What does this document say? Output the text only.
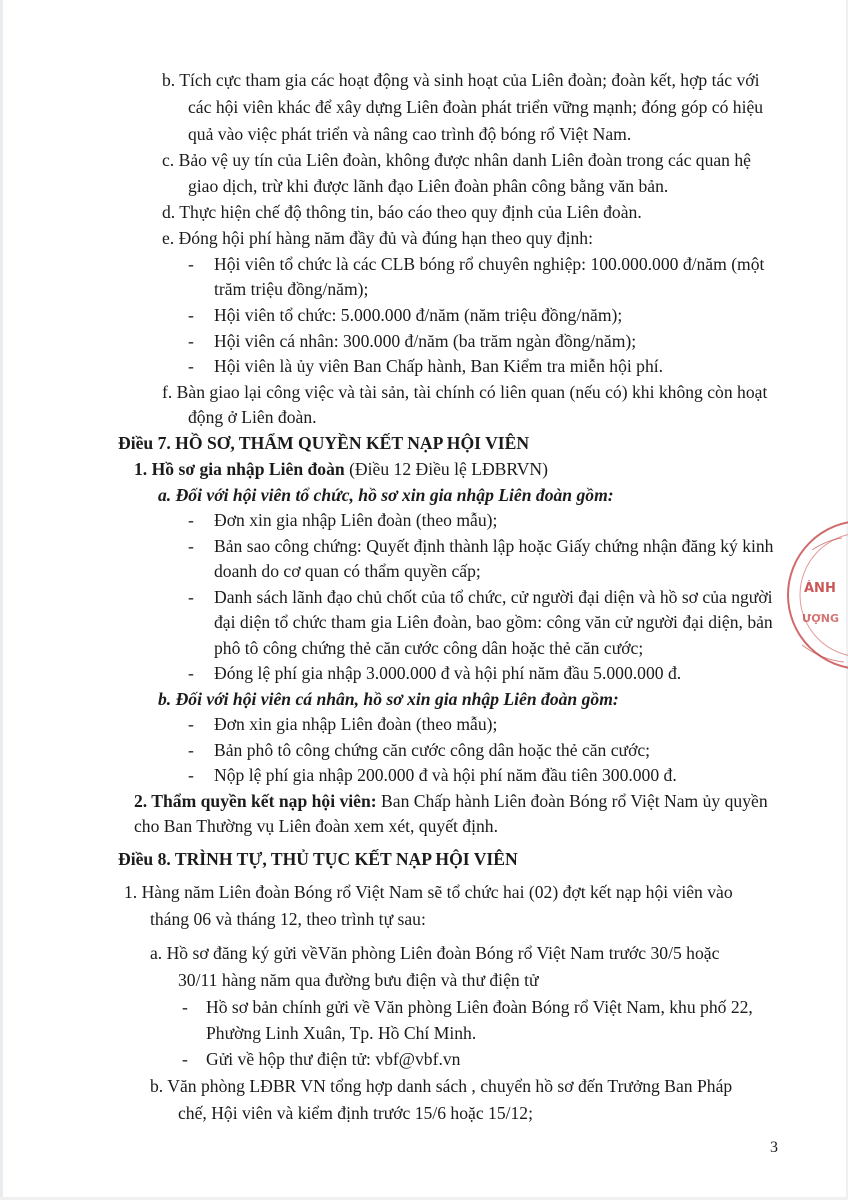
b. Tích cực tham gia các hoạt động và sinh hoạt của Liên đoàn; đoàn kết, hợp tác với
các hội viên khác để xây dựng Liên đoàn phát triển vững mạnh; đóng góp có hiệu
quả vào việc phát triển và nâng cao trình độ bóng rổ Việt Nam.
c. Bảo vệ uy tín của Liên đoàn, không được nhân danh Liên đoàn trong các quan hệ
giao dịch, trừ khi được lãnh đạo Liên đoàn phân công bằng văn bản.
d. Thực hiện chế độ thông tin, báo cáo theo quy định của Liên đoàn.
e. Đóng hội phí hàng năm đầy đủ và đúng hạn theo quy định:
- Hội viên tổ chức là các CLB bóng rổ chuyên nghiệp: 100.000.000 đ/năm (một
trăm triệu đồng/năm);
- Hội viên tổ chức: 5.000.000 đ/năm (năm triệu đồng/năm);
- Hội viên cá nhân: 300.000 đ/năm (ba trăm ngàn đồng/năm);
- Hội viên là ủy viên Ban Chấp hành, Ban Kiểm tra miễn hội phí.
f. Bàn giao lại công việc và tài sản, tài chính có liên quan (nếu có) khi không còn hoạt
động ở Liên đoàn.
Điều 7. HỒ SƠ, THẨM QUYỀN KẾT NẠP HỘI VIÊN
1. Hồ sơ gia nhập Liên đoàn (Điều 12 Điều lệ LĐBRVN)
a. Đối với hội viên tổ chức, hồ sơ xin gia nhập Liên đoàn gồm:
- Đơn xin gia nhập Liên đoàn (theo mẫu);
- Bản sao công chứng: Quyết định thành lập hoặc Giấy chứng nhận đăng ký kinh
doanh do cơ quan có thẩm quyền cấp;
- Danh sách lãnh đạo chủ chốt của tổ chức, cử người đại diện và hồ sơ của người
đại diện tổ chức tham gia Liên đoàn, bao gồm: công văn cử người đại diện, bản
phô tô công chứng thẻ căn cước công dân hoặc thẻ căn cước;
- Đóng lệ phí gia nhập 3.000.000 đ và hội phí năm đầu 5.000.000 đ.
b. Đối với hội viên cá nhân, hồ sơ xin gia nhập Liên đoàn gồm:
- Đơn xin gia nhập Liên đoàn (theo mẫu);
- Bản phô tô công chứng căn cước công dân hoặc thẻ căn cước;
- Nộp lệ phí gia nhập 200.000 đ và hội phí năm đầu tiên 300.000 đ.
2. Thẩm quyền kết nạp hội viên: Ban Chấp hành Liên đoàn Bóng rổ Việt Nam ủy quyền
cho Ban Thường vụ Liên đoàn xem xét, quyết định.
Điều 8. TRÌNH TỰ, THỦ TỤC KẾT NẠP HỘI VIÊN
1. Hàng năm Liên đoàn Bóng rổ Việt Nam sẽ tổ chức hai (02) đợt kết nạp hội viên vào
tháng 06 và tháng 12, theo trình tự sau:
a. Hồ sơ đăng ký gửi vềVăn phòng Liên đoàn Bóng rổ Việt Nam trước 30/5 hoặc
30/11 hàng năm qua đường bưu điện và thư điện tử
- Hồ sơ bản chính gửi về Văn phòng Liên đoàn Bóng rổ Việt Nam, khu phố 22,
Phường Linh Xuân, Tp. Hồ Chí Minh.
- Gửi về hộp thư điện tử: vbf@vbf.vn
b. Văn phòng LĐBR VN tổng hợp danh sách , chuyển hồ sơ đến Trưởng Ban Pháp
chế, Hội viên và kiểm định trước 15/6 hoặc 15/12;
3
ÁNH
ƯỢNG
